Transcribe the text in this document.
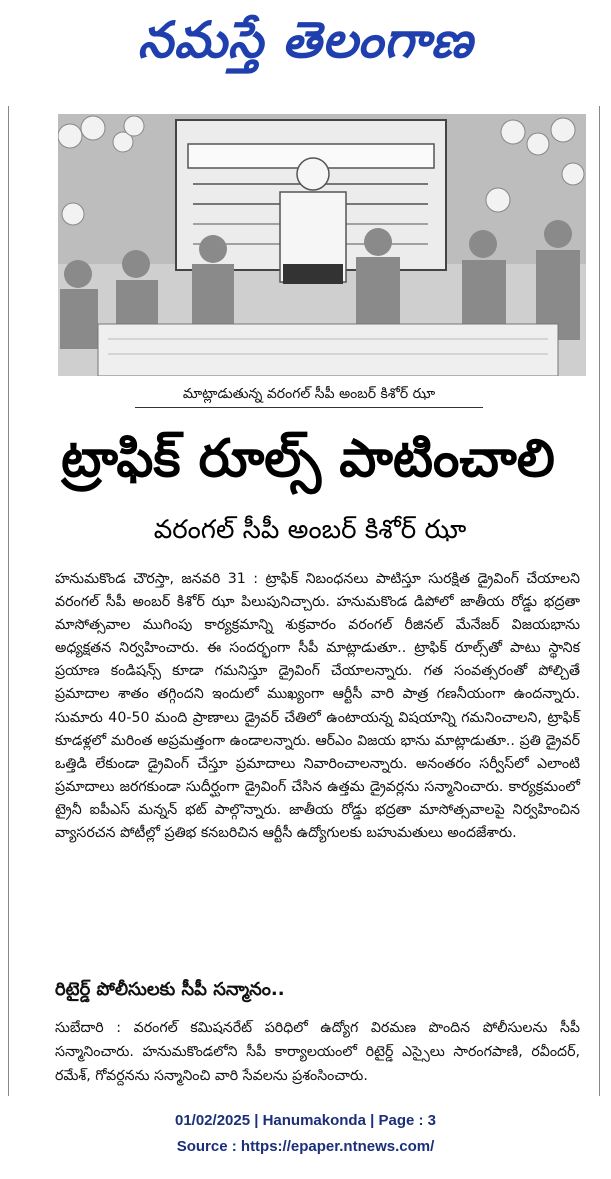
నమస్తే తెలంగాణ
మాట్లాడుతున్న వరంగల్ సీపీ అంబర్ కిశోర్ ఝా
ట్రాఫిక్ రూల్స్ పాటించాలి
వరంగల్ సీపీ అంబర్ కిశోర్ ఝా
హనుమకొండ చౌరస్తా, జనవరి 31 : ట్రాఫిక్ నిబంధనలు పాటిస్తూ సురక్షిత డ్రైవింగ్ చేయాలని వరంగల్ సీపీ అంబర్ కిశోర్ ఝా పిలుపునిచ్చారు. హనుమకొండ డిపోలో జాతీయ రోడ్డు భద్రతా మాసోత్సవాల ముగింపు కార్యక్రమాన్ని శుక్రవారం వరంగల్ రీజినల్ మేనేజర్ విజయభాను అధ్యక్షతన నిర్వహించారు. ఈ సందర్భంగా సీపీ మాట్లాడుతూ.. ట్రాఫిక్ రూల్స్‌తో పాటు స్థానిక ప్రయాణ కండిషన్స్ కూడా గమనిస్తూ డ్రైవింగ్ చేయాలన్నారు. గత సంవత్సరంతో పోల్చితే ప్రమాదాల శాతం తగ్గిందని ఇందులో ముఖ్యంగా ఆర్టీసీ వారి పాత్ర గణనీయంగా ఉందన్నారు. సుమారు 40-50 మంది ప్రాణాలు డ్రైవర్ చేతిలో ఉంటాయన్న విషయాన్ని గమనించాలని, ట్రాఫిక్ కూడళ్లలో మరింత అప్రమత్తంగా ఉండాలన్నారు. ఆర్‌ఎం విజయ భాను మాట్లాడుతూ.. ప్రతి డ్రైవర్ ఒత్తిడి లేకుండా డ్రైవింగ్ చేస్తూ ప్రమాదాలు నివారించాలన్నారు. అనంతరం సర్వీస్‌లో ఎలాంటి ప్రమాదాలు జరగకుండా సుదీర్ఘంగా డ్రైవింగ్ చేసిన ఉత్తమ డ్రైవర్లను సన్మానించారు. కార్యక్రమంలో ట్రైనీ ఐపీఎస్ మన్నన్ భట్ పాల్గొన్నారు. జాతీయ రోడ్డు భద్రతా మాసోత్సవాలపై నిర్వహించిన వ్యాసరచన పోటీల్లో ప్రతిభ కనబరిచిన ఆర్టీసీ ఉద్యోగులకు బహుమతులు అందజేశారు.
రిటైర్డ్ పోలీసులకు సీపీ సన్మానం..
సుబేదారి : వరంగల్ కమిషనరేట్ పరిధిలో ఉద్యోగ విరమణ పొందిన పోలీసులను సీపీ సన్మానించారు. హనుమకొండలోని సీపీ కార్యాలయంలో రిటైర్డ్ ఎస్సైలు సారంగపాణి, రవీందర్, రమేశ్, గోవర్దనను సన్మానించి వారి సేవలను ప్రశంసించారు.
01/02/2025 | Hanumakonda | Page : 3
Source : https://epaper.ntnews.com/
